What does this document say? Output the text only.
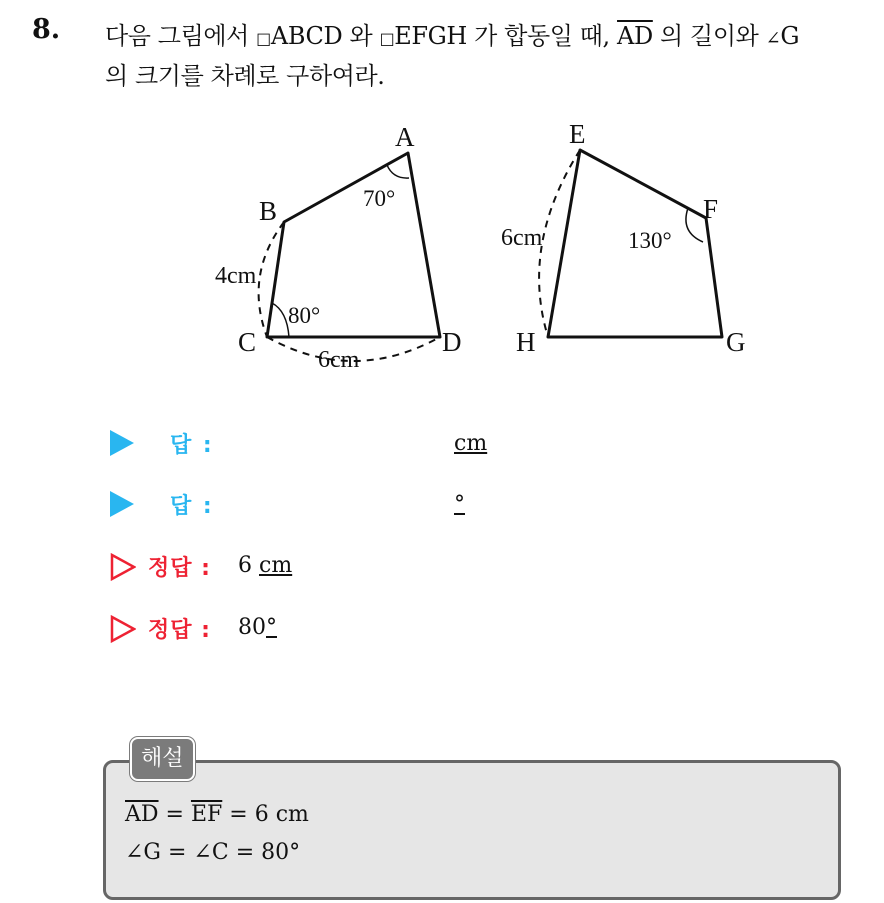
8. 다음 그림에서 □ABCD 와 □EFGH 가 합동일 때, $\overline{AD}$ 의 길이와 ∠G
의 크기를 차례로 구하여라.
A
B
C	D
70°
80°
4cm
6cm
E
F
G
H
130°
6cm
답 :	cm
답 :	°
정답 : 6 cm
정답 : 80°
해설
$\overline{AD} = \overline{EF} = 6$ cm
∠G = ∠C = 80°
